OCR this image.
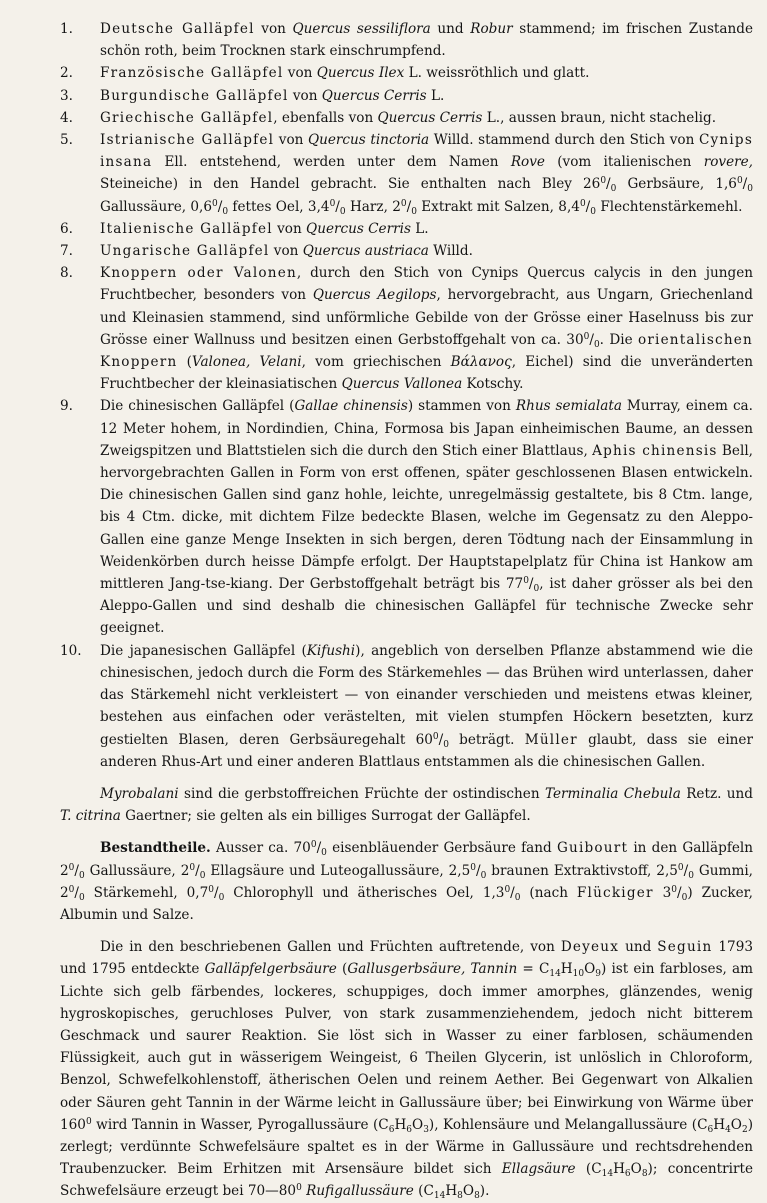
1.	Deutsche Galläpfel von Quercus sessiliflora und Robur stammend; im frischen Zustande schön roth, beim Trocknen stark einschrumpfend.

2.	Französische Galläpfel von Quercus Ilex L. weissröthlich und glatt.

3.	Burgundische Galläpfel von Quercus Cerris L.

4.	Griechische Galläpfel, ebenfalls von Quercus Cerris L., aussen braun, nicht stachelig.

5.	Istrianische Galläpfel von Quercus tinctoria Willd. stammend durch den Stich von Cynips insana Ell. entstehend, werden unter dem Namen Rove (vom italienischen rovere, Steineiche) in den Handel gebracht. Sie enthalten nach Bley $26^0/_0$ Gerbsäure, $1,6^0/_0$ Gallussäure, $0,6^0/_0$ fettes Oel, $3,4^0/_0$ Harz, $2^0/_0$ Extrakt mit Salzen, $8,4^0/_0$ Flechtenstärkemehl.

6.	Italienische Galläpfel von Quercus Cerris L.

7.	Ungarische Galläpfel von Quercus austriaca Willd.

8.	Knoppern oder Valonen, durch den Stich von Cynips Quercus calycis in den jungen Fruchtbecher, besonders von Quercus Aegilops, hervorgebracht, aus Ungarn, Griechenland und Kleinasien stammend, sind unförmliche Gebilde von der Grösse einer Haselnuss bis zur Grösse einer Wallnuss und besitzen einen Gerbstoffgehalt von ca. $30^0/_0$. Die orientalischen Knoppern (Valonea, Velani, vom griechischen Βάλανος, Eichel) sind die unveränderten Fruchtbecher der kleinasiatischen Quercus Vallonea Kotschy.

9.	Die chinesischen Galläpfel (Gallae chinensis) stammen von Rhus semialata Murray, einem ca. 12 Meter hohem, in Nordindien, China, Formosa bis Japan einheimischen Baume, an dessen Zweigspitzen und Blattstielen sich die durch den Stich einer Blattlaus, Aphis chinensis Bell, hervorgebrachten Gallen in Form von erst offenen, später geschlossenen Blasen entwickeln. Die chinesischen Gallen sind ganz hohle, leichte, unregelmässig gestaltete, bis 8 Ctm. lange, bis 4 Ctm. dicke, mit dichtem Filze bedeckte Blasen, welche im Gegensatz zu den Aleppo-Gallen eine ganze Menge Insekten in sich bergen, deren Tödtung nach der Einsammlung in Weidenkörben durch heisse Dämpfe erfolgt. Der Hauptstapelplatz für China ist Hankow am mittleren Jang-tse-kiang. Der Gerbstoffgehalt beträgt bis $77^0/_0$, ist daher grösser als bei den Aleppo-Gallen und sind deshalb die chinesischen Galläpfel für technische Zwecke sehr geeignet.

10.	Die japanesischen Galläpfel (Kifushi), angeblich von derselben Pflanze abstammend wie die chinesischen, jedoch durch die Form des Stärkemehles — das Brühen wird unterlassen, daher das Stärkemehl nicht verkleistert — von einander verschieden und meistens etwas kleiner, bestehen aus einfachen oder verästelten, mit vielen stumpfen Höckern besetzten, kurz gestielten Blasen, deren Gerbsäuregehalt $60^0/_0$ beträgt. Müller glaubt, dass sie einer anderen Rhus-Art und einer anderen Blattlaus entstammen als die chinesischen Gallen.

Myrobalani sind die gerbstoffreichen Früchte der ostindischen Terminalia Chebula Retz. und T. citrina Gaertner; sie gelten als ein billiges Surrogat der Galläpfel.

Bestandtheile. Ausser ca. $70^0/_0$ eisenbläuender Gerbsäure fand Guibourt in den Galläpfeln $2^0/_0$ Gallussäure, $2^0/_0$ Ellagsäure und Luteogallussäure, $2,5^0/_0$ braunen Extraktivstoff, $2,5^0/_0$ Gummi, $2^0/_0$ Stärkemehl, $0,7^0/_0$ Chlorophyll und ätherisches Oel, $1,3^0/_0$ (nach Flückiger $3^0/_0$) Zucker, Albumin und Salze.

Die in den beschriebenen Gallen und Früchten auftretende, von Deyeux und Seguin 1793 und 1795 entdeckte Galläpfelgerbsäure (Gallusgerbsäure, Tannin = $C_{14}H_{10}O_9$) ist ein farbloses, am Lichte sich gelb färbendes, lockeres, schuppiges, doch immer amorphes, glänzendes, wenig hygroskopisches, geruchloses Pulver, von stark zusammenziehendem, jedoch nicht bitterem Geschmack und saurer Reaktion. Sie löst sich in Wasser zu einer farblosen, schäumenden Flüssigkeit, auch gut in wässerigem Weingeist, 6 Theilen Glycerin, ist unlöslich in Chloroform, Benzol, Schwefelkohlenstoff, ätherischen Oelen und reinem Aether. Bei Gegenwart von Alkalien oder Säuren geht Tannin in der Wärme leicht in Gallussäure über; bei Einwirkung von Wärme über $160^0$ wird Tannin in Wasser, Pyrogallussäure $(C_6H_6O_3)$, Kohlensäure und Melangallussäure $(C_6H_4O_2)$ zerlegt; verdünnte Schwefelsäure spaltet es in der Wärme in Gallussäure und rechtsdrehenden Traubenzucker. Beim Erhitzen mit Arsensäure bildet sich Ellagsäure $(C_{14}H_6O_8)$; concentrirte Schwefelsäure erzeugt bei $70—80^0$ Rufigallussäure $(C_{14}H_8O_8)$.
